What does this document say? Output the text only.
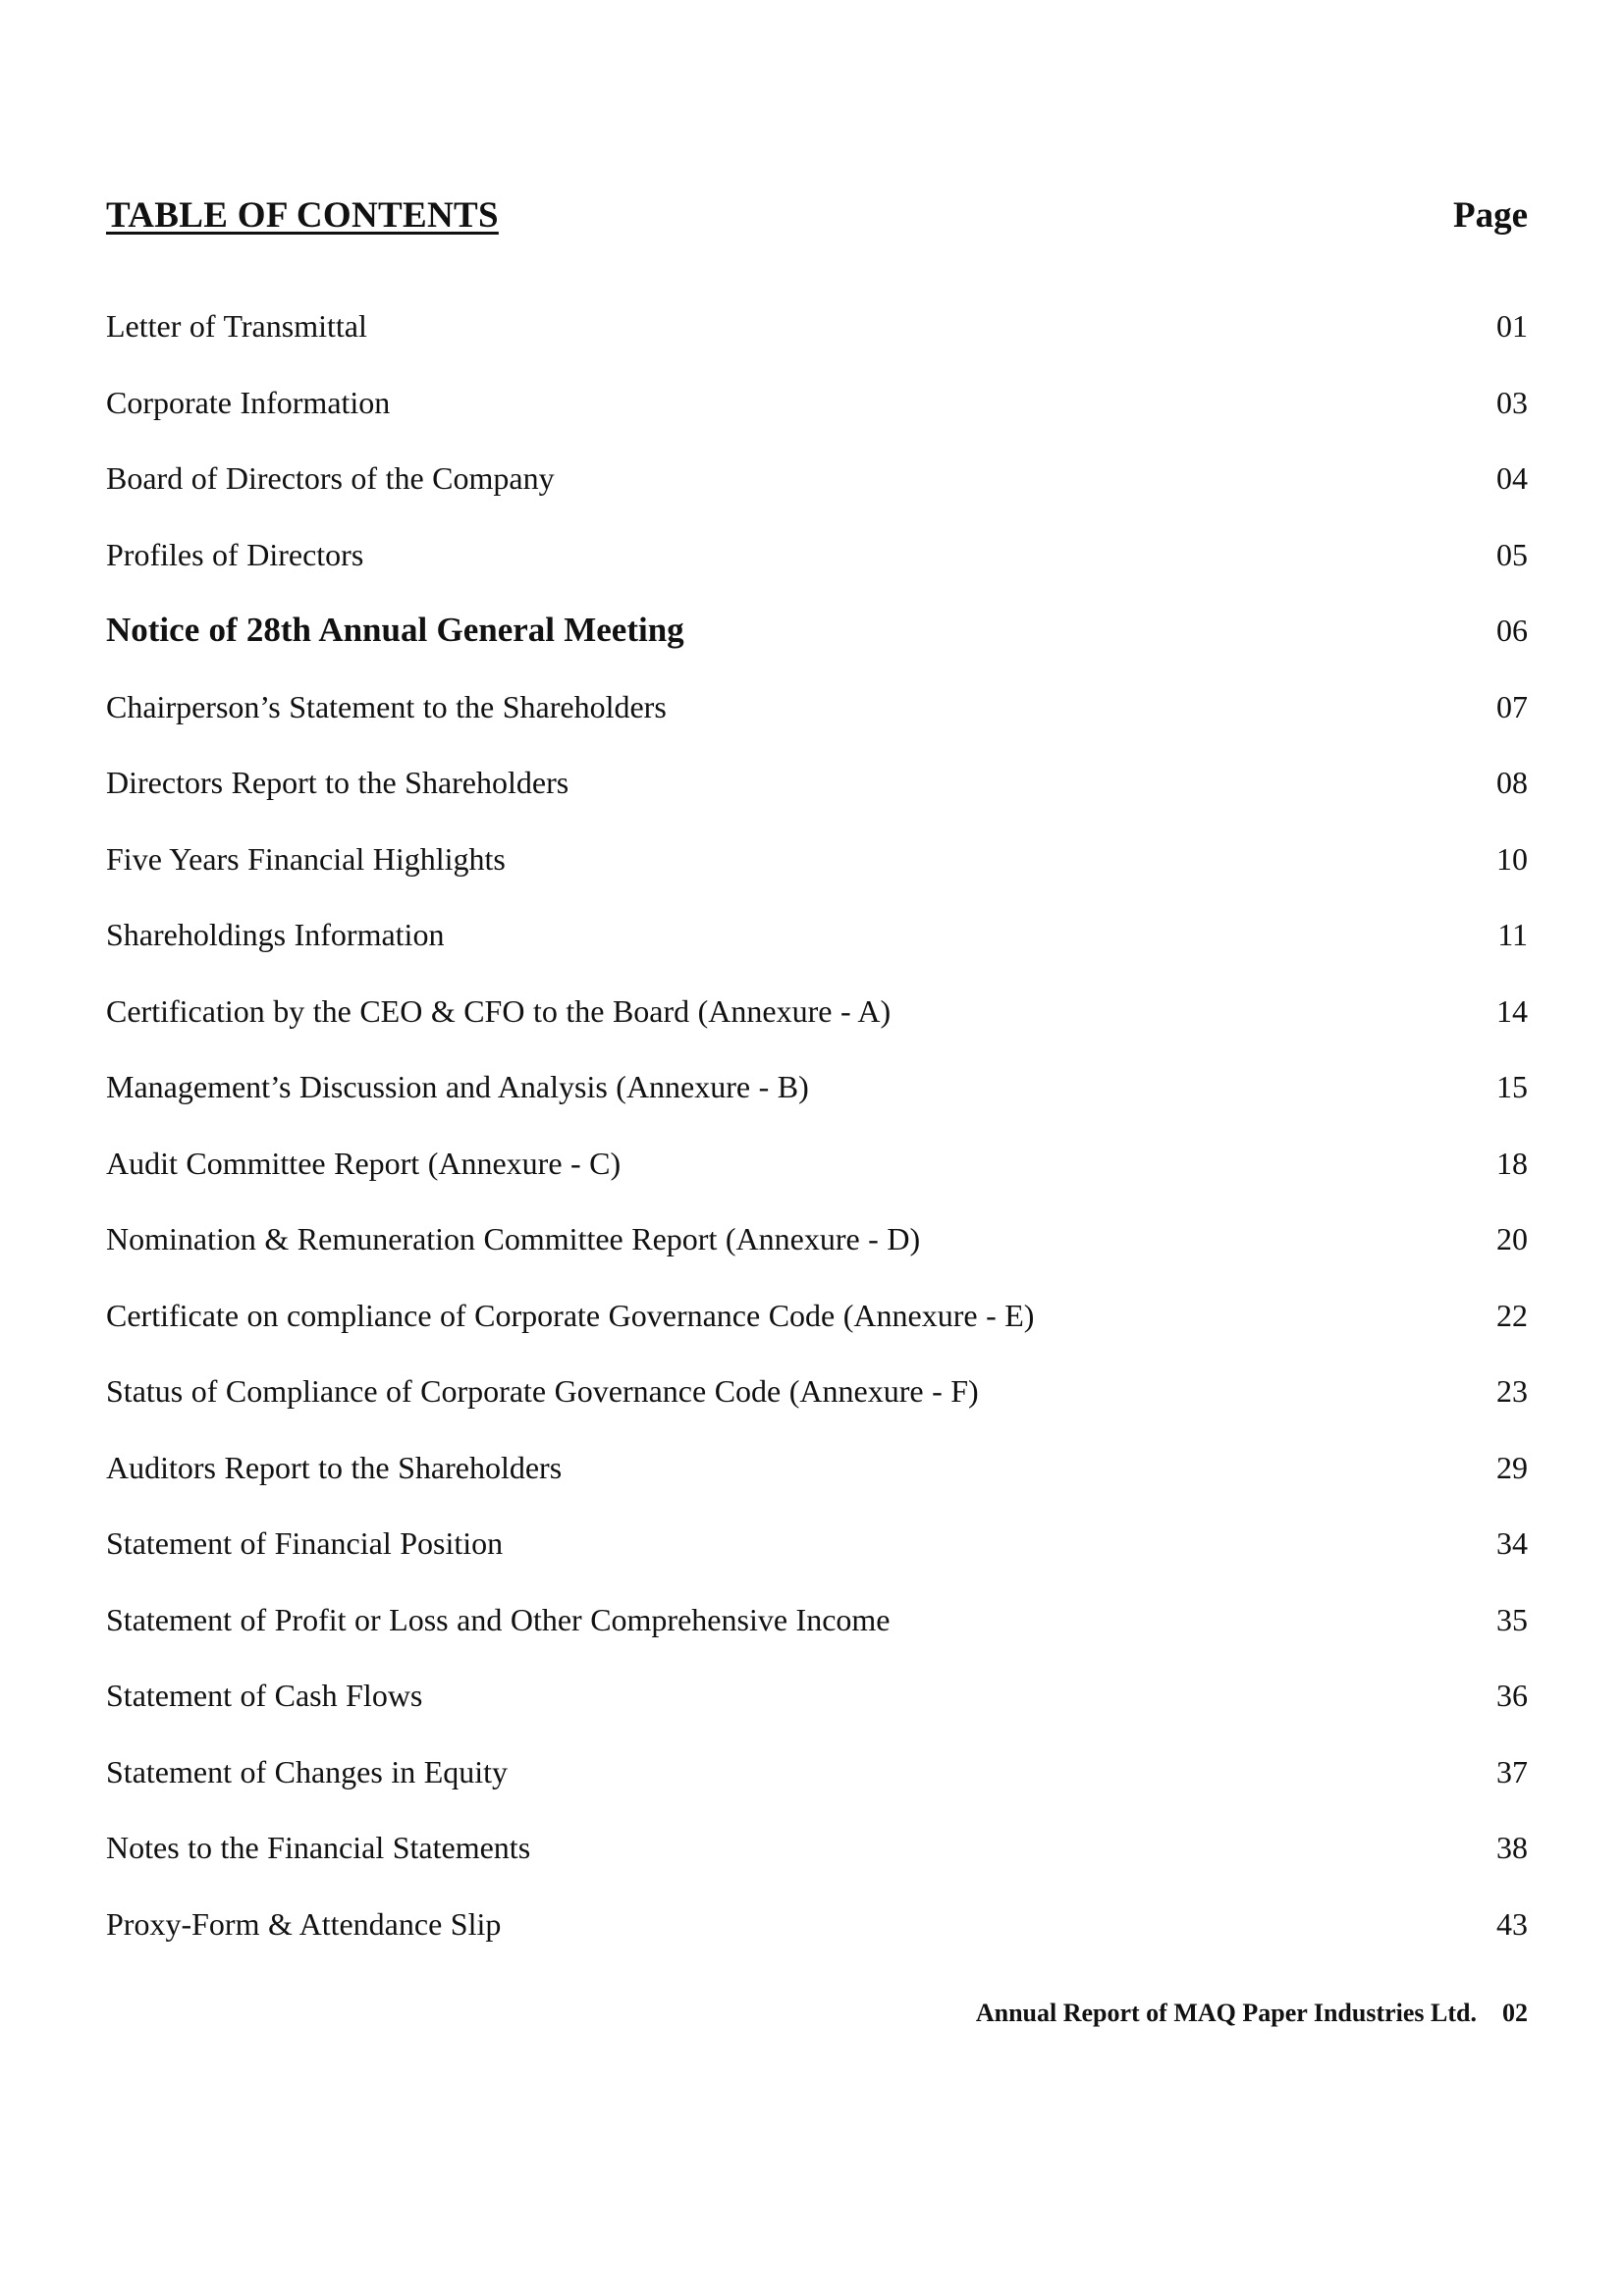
TABLE OF CONTENTS	Page
Letter of Transmittal	01
Corporate Information	03
Board of Directors of the Company	04
Profiles of Directors	05
Notice of 28th Annual General Meeting	06
Chairperson’s Statement to the Shareholders	07
Directors Report to the Shareholders	08
Five Years Financial Highlights	10
Shareholdings Information	11
Certification by the CEO & CFO to the Board (Annexure - A)	14
Management’s Discussion and Analysis (Annexure - B)	15
Audit Committee Report (Annexure - C)	18
Nomination & Remuneration Committee Report (Annexure - D)	20
Certificate on compliance of Corporate Governance Code (Annexure - E)	22
Status of Compliance of Corporate Governance Code (Annexure - F)	23
Auditors Report to the Shareholders	29
Statement of Financial Position	34
Statement of Profit or Loss and Other Comprehensive Income	35
Statement of Cash Flows	36
Statement of Changes in Equity	37
Notes to the Financial Statements	38
Proxy-Form & Attendance Slip	43
Annual Report of MAQ Paper Industries Ltd. 02
